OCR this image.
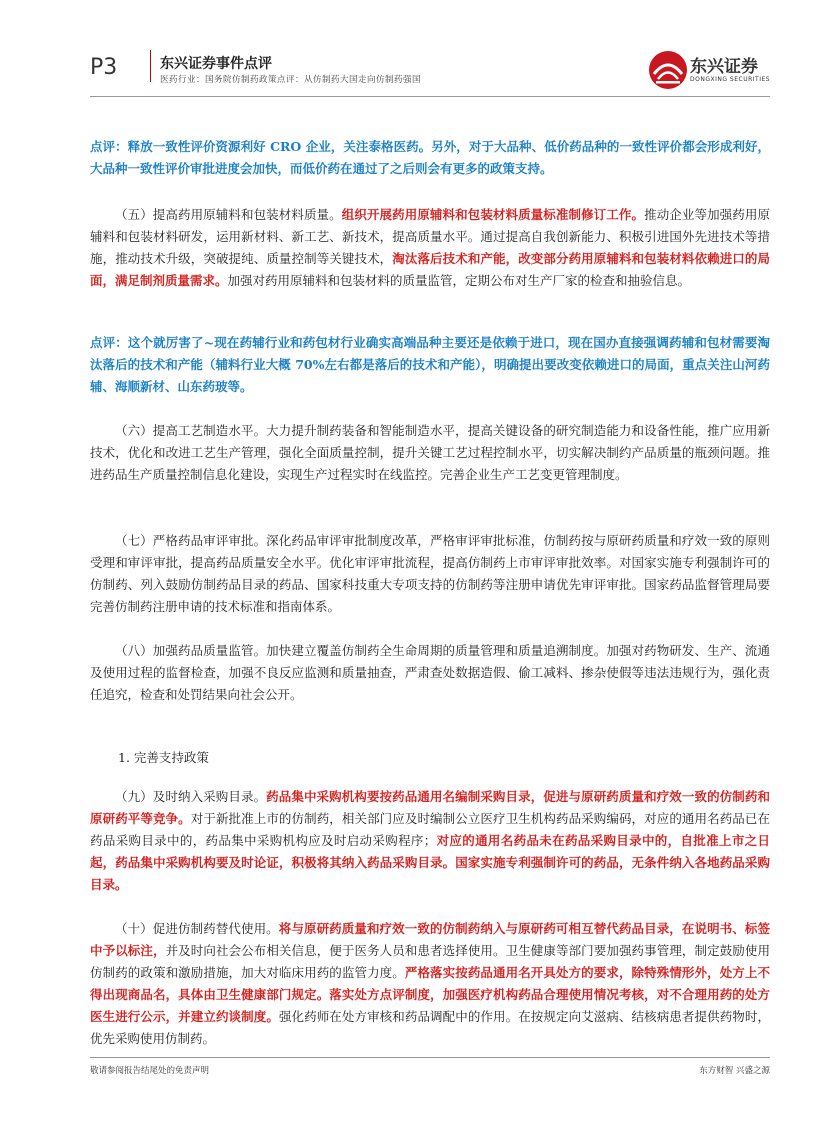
P3	东兴证券事件点评
医药行业：国务院仿制药政策点评：从仿制药大国走向仿制药强国
东兴证券
DONGXING SECURITIES
点评：释放一致性评价资源利好 CRO 企业，关注泰格医药。另外，对于大品种、低价药品种的一致性评价都会形成利好，大品种一致性评价审批进度会加快，而低价药在通过了之后则会有更多的政策支持。
（五）提高药用原辅料和包装材料质量。组织开展药用原辅料和包装材料质量标准制修订工作。推动企业等加强药用原辅料和包装材料研发，运用新材料、新工艺、新技术，提高质量水平。通过提高自我创新能力、积极引进国外先进技术等措施，推动技术升级，突破提纯、质量控制等关键技术，淘汰落后技术和产能，改变部分药用原辅料和包装材料依赖进口的局面，满足制剂质量需求。加强对药用原辅料和包装材料的质量监管，定期公布对生产厂家的检查和抽验信息。
点评：这个就厉害了~现在药辅行业和药包材行业确实高端品种主要还是依赖于进口，现在国办直接强调药辅和包材需要淘汰落后的技术和产能（辅料行业大概 70%左右都是落后的技术和产能），明确提出要改变依赖进口的局面，重点关注山河药辅、海顺新材、山东药玻等。
（六）提高工艺制造水平。大力提升制药装备和智能制造水平，提高关键设备的研究制造能力和设备性能，推广应用新技术，优化和改进工艺生产管理，强化全面质量控制，提升关键工艺过程控制水平，切实解决制约产品质量的瓶颈问题。推进药品生产质量控制信息化建设，实现生产过程实时在线监控。完善企业生产工艺变更管理制度。
（七）严格药品审评审批。深化药品审评审批制度改革，严格审评审批标准，仿制药按与原研药质量和疗效一致的原则受理和审评审批，提高药品质量安全水平。优化审评审批流程，提高仿制药上市审评审批效率。对国家实施专利强制许可的仿制药、列入鼓励仿制药品目录的药品、国家科技重大专项支持的仿制药等注册申请优先审评审批。国家药品监督管理局要完善仿制药注册申请的技术标准和指南体系。
（八）加强药品质量监管。加快建立覆盖仿制药全生命周期的质量管理和质量追溯制度。加强对药物研发、生产、流通及使用过程的监督检查，加强不良反应监测和质量抽查，严肃查处数据造假、偷工减料、掺杂使假等违法违规行为，强化责任追究，检查和处罚结果向社会公开。
1. 完善支持政策
（九）及时纳入采购目录。药品集中采购机构要按药品通用名编制采购目录，促进与原研药质量和疗效一致的仿制药和原研药平等竞争。对于新批准上市的仿制药，相关部门应及时编制公立医疗卫生机构药品采购编码，对应的通用名药品已在药品采购目录中的，药品集中采购机构应及时启动采购程序；对应的通用名药品未在药品采购目录中的，自批准上市之日起，药品集中采购机构要及时论证，积极将其纳入药品采购目录。国家实施专利强制许可的药品，无条件纳入各地药品采购目录。
（十）促进仿制药替代使用。将与原研药质量和疗效一致的仿制药纳入与原研药可相互替代药品目录，在说明书、标签中予以标注，并及时向社会公布相关信息，便于医务人员和患者选择使用。卫生健康等部门要加强药事管理，制定鼓励使用仿制药的政策和激励措施，加大对临床用药的监管力度。严格落实按药品通用名开具处方的要求，除特殊情形外，处方上不得出现商品名，具体由卫生健康部门规定。落实处方点评制度，加强医疗机构药品合理使用情况考核，对不合理用药的处方医生进行公示，并建立约谈制度。强化药师在处方审核和药品调配中的作用。在按规定向艾滋病、结核病患者提供药物时，优先采购使用仿制药。
敬请参阅报告结尾处的免责声明	东方财智 兴盛之源
